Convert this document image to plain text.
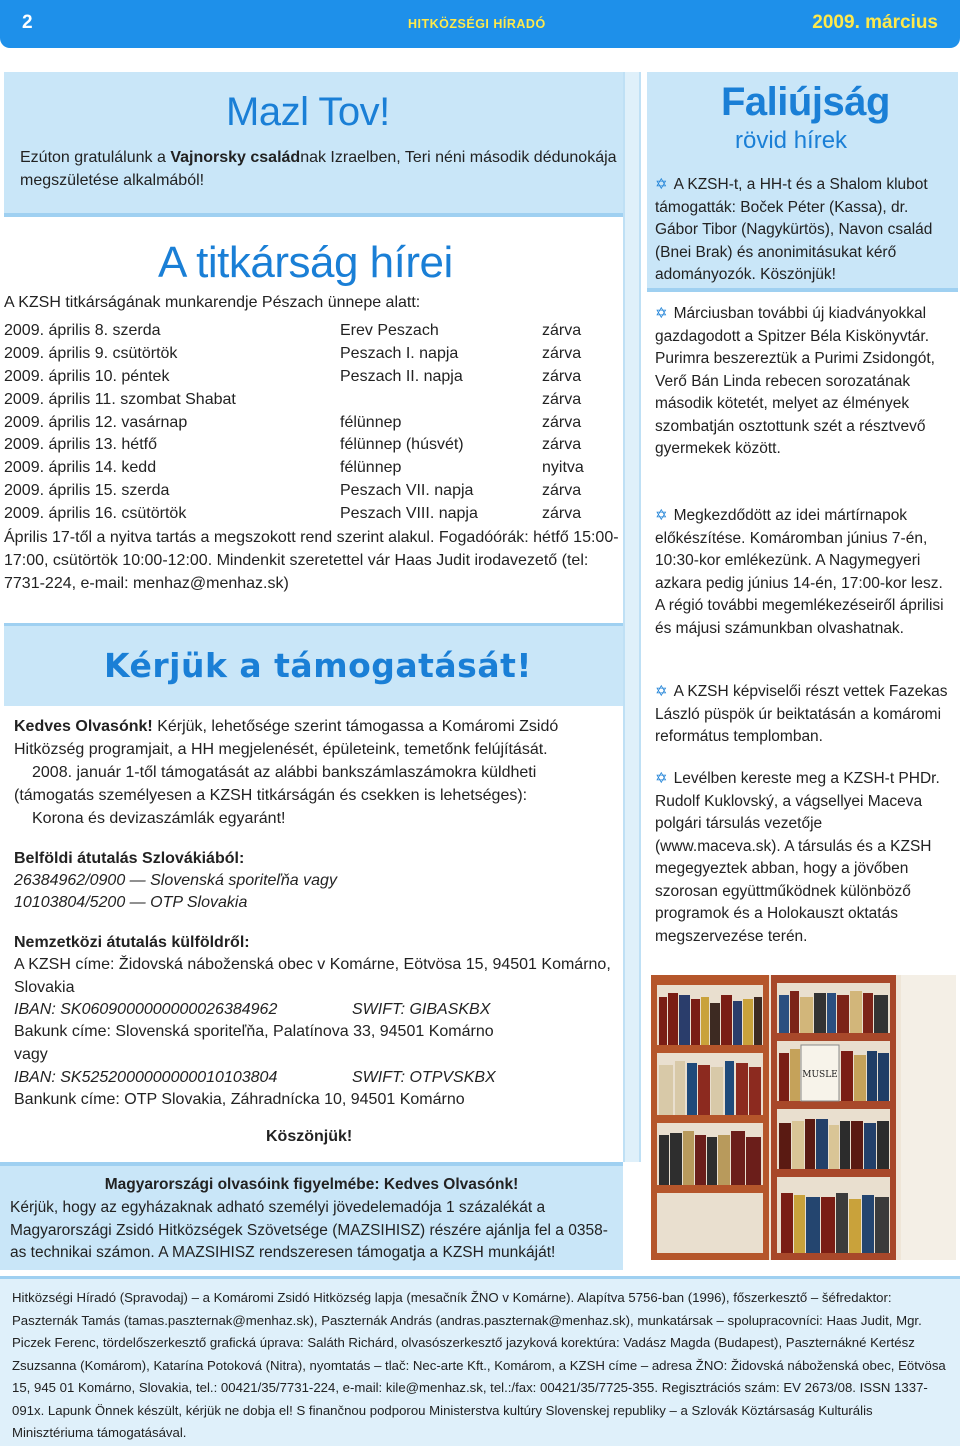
2	HITKÖZSÉGI HÍRADÓ	2009. március
Mazl Tov!

Ezúton gratulálunk a Vajnorsky családnak Izraelben, Teri néni második dédunokája megszületése alkalmából!

A titkárság hírei
A KZSH titkárságának munkarendje Pészach ünnepe alatt:
2009. április 8. szerda	Erev Peszach	zárva
2009. április 9. csütörtök	Peszach I. napja	zárva
2009. április 10. péntek	Peszach II. napja	zárva
2009. április 11. szombat Shabat		zárva
2009. április 12. vasárnap	félünnep	zárva
2009. április 13. hétfő	félünnep (húsvét)	zárva
2009. április 14. kedd	félünnep	nyitva
2009. április 15. szerda	Peszach VII. napja	zárva
2009. április 16. csütörtök	Peszach VIII. napja	zárva
Április 17-től a nyitva tartás a megszokott rend szerint alakul. Fogadóórák: hétfő 15:00-17:00, csütörtök 10:00-12:00. Mindenkit szeretettel vár Haas Judit irodavezető (tel: 7731-224, e-mail: menhaz@menhaz.sk)
Kérjük a támogatását!
Kedves Olvasónk! Kérjük, lehetősége szerint támogassa a Komáromi Zsidó Hitközség programjait, a HH megjelenését, épületeink, temetőnk felújítását.
2008. január 1-től támogatását az alábbi bankszámlaszámokra küldheti (támogatás személyesen a KZSH titkárságán és csekken is lehetséges):
Korona és devizaszámlák egyaránt!
Belföldi átutalás Szlovákiából:
26384962/0900 — Slovenská sporiteľňa vagy
10103804/5200 — OTP Slovakia
Nemzetközi átutalás külföldről:
A KZSH címe: Židovská náboženská obec v Komárne, Eötvösa 15, 94501 Komárno, Slovakia
IBAN: SK0609000000000026384962	SWIFT: GIBASKBX
Bakunk címe: Slovenská sporiteľňa, Palatínova 33, 94501 Komárno
vagy
IBAN: SK5252000000000010103804	SWIFT: OTPVSKBX
Bankunk címe: OTP Slovakia, Záhradnícka 10, 94501 Komárno
Köszönjük!
Magyarországi olvasóink figyelmébe: Kedves Olvasónk!
Kérjük, hogy az egyházaknak adható személyi jövedelemadója 1 százalékát a Magyarországi Zsidó Hitközségek Szövetsége (MAZSIHISZ) részére ajánlja fel a 0358-as technikai számon. A MAZSIHISZ rendszeresen támogatja a KZSH munkáját!
Faliújság
rövid hírek
✡ A KZSH-t, a HH-t és a Shalom klubot támogatták: Boček Péter (Kassa), dr. Gábor Tibor (Nagykürtös), Navon család (Bnei Brak) és anonimitásukat kérő adományozók. Köszönjük!
✡ Márciusban további új kiadványokkal gazdagodott a Spitzer Béla Kiskönyvtár. Purimra beszereztük a Purimi Zsidongót, Verő Bán Linda rebecen sorozatának második kötetét, melyet az élmények szombatján osztottunk szét a résztvevő gyermekek között.
✡ Megkezdődött az idei mártírnapok előkészítése. Komáromban június 7-én, 10:30-kor emlékezünk. A Nagymegyeri azkara pedig június 14-én, 17:00-kor lesz. A régió további megemlékezéseiről áprilisi és májusi számunkban olvashatnak.
✡ A KZSH képviselői részt vettek Fazekas László püspök úr beiktatásán a komáromi református templomban.
✡ Levélben kereste meg a KZSH-t PHDr. Rudolf Kuklovský, a vágsellyei Maceva polgári társulás vezetője (www.maceva.sk). A társulás és a KZSH megegyeztek abban, hogy a jövőben szorosan együttműködnek különböző programok és a Holokauszt oktatás megszervezése terén.
MUSLE
Hitközségi Híradó (Spravodaj) – a Komáromi Zsidó Hitközség lapja (mesačník ŽNO v Komárne). Alapítva 5756-ban (1996), főszerkesztő – šéfredaktor: Paszternák Tamás (tamas.paszternak@menhaz.sk), Paszternák András (andras.paszternak@menhaz.sk), munkatársak – spolupracovníci: Haas Judit, Mgr. Piczek Ferenc, tördelőszerkesztő grafická úprava: Saláth Richárd, olvasószerkesztő jazyková korektúra: Vadász Magda (Budapest), Paszternákné Kertész Zsuzsanna (Komárom), Katarína Potoková (Nitra), nyomtatás – tlač: Nec-arte Kft., Komárom, a KZSH címe – adresa ŽNO: Židovská náboženská obec, Eötvösa 15, 945 01 Komárno, Slovakia, tel.: 00421/35/7731-224, e-mail: kile@menhaz.sk, tel.:/fax: 00421/35/7725-355. Regisztrációs szám: EV 2673/08. ISSN 1337-091x. Lapunk Önnek készült, kérjük ne dobja el! S finančnou podporou Ministerstva kultúry Slovenskej republiky – a Szlovák Köztársaság Kulturális Minisztériuma támogatásával.
